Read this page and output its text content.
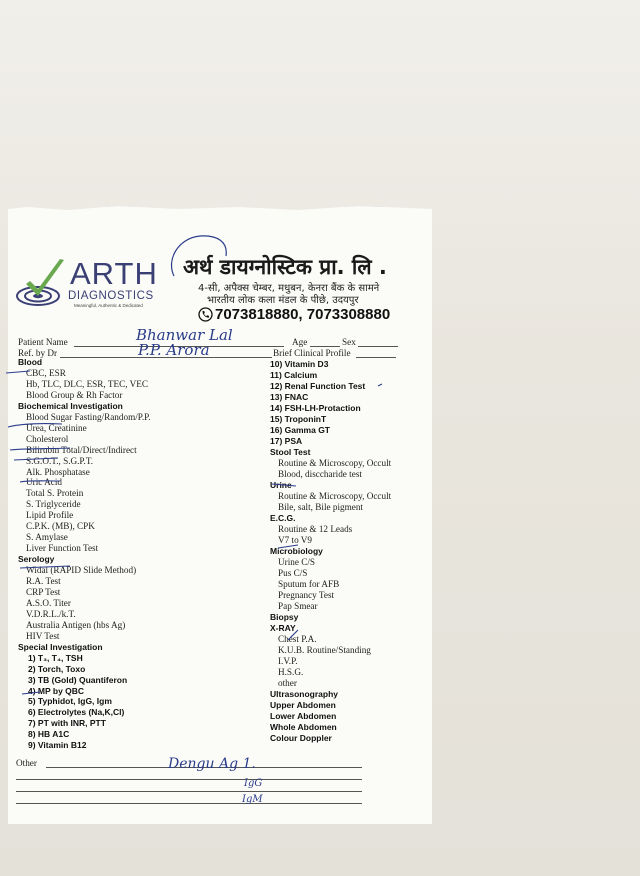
ARTH
DIAGNOSTICS
Meaningful, Authentic & Dedicated
अर्थ डायग्नोस्टिक प्रा. लि .
4-सी, अपैक्स चेम्बर, मधुबन, केनरा बैंक के सामने
भारतीय लोक कला मंडल के पीछे, उदयपुर
7073818880, 7073308880
Patient Name	Age	Sex
Ref. by Dr	Brief Clinical Profile
Bhanwar Lal
P.P. Arora
Blood
CBC, ESR
Hb, TLC, DLC, ESR, TEC, VEC
Blood Group & Rh Factor
Biochemical Investigation
Blood Sugar Fasting/Random/P.P.
Urea, Creatinine
Cholesterol
Bilirubin Total/Direct/Indirect
S.G.O.T., S.G.P.T.
Alk. Phosphatase
Uric Acid
Total S. Protein
S. Triglyceride
Lipid Profile
C.P.K. (MB), CPK
S. Amylase
Liver Function Test
Serology
Widal (RAPID Slide Method)
R.A. Test
CRP Test
A.S.O. Titer
V.D.R.L./k.T.
Australia Antigen (hbs Ag)
HIV Test
Special Investigation
1) T₃, T₄, TSH
2) Torch, Toxo
3) TB (Gold) Quantiferon
4) MP by QBC
5) Typhidot, IgG, Igm
6) Electrolytes (Na,K,Cl)
7) PT with INR, PTT
8) HB A1C
9) Vitamin B12
10) Vitamin D3
11) Calcium
12) Renal Function Test
13) FNAC
14) FSH-LH-Protaction
15) TroponinT
16) Gamma GT
17) PSA
Stool Test
Routine & Microscopy, Occult
Blood, disccharide test
Urine
Routine & Microscopy, Occult
Bile, salt, Bile pigment
E.C.G.
Routine & 12 Leads
V7 to V9
Microbiology
Urine C/S
Pus C/S
Sputum for AFB
Pregnancy Test
Pap Smear
Biopsy
X-RAY
Chest P.A.
K.U.B. Routine/Standing
I.V.P.
H.S.G.
other
Ultrasonography
Upper Abdomen
Lower Abdomen
Whole Abdomen
Colour Doppler
Other	Dengu Ag 1.
IgG
IgM
